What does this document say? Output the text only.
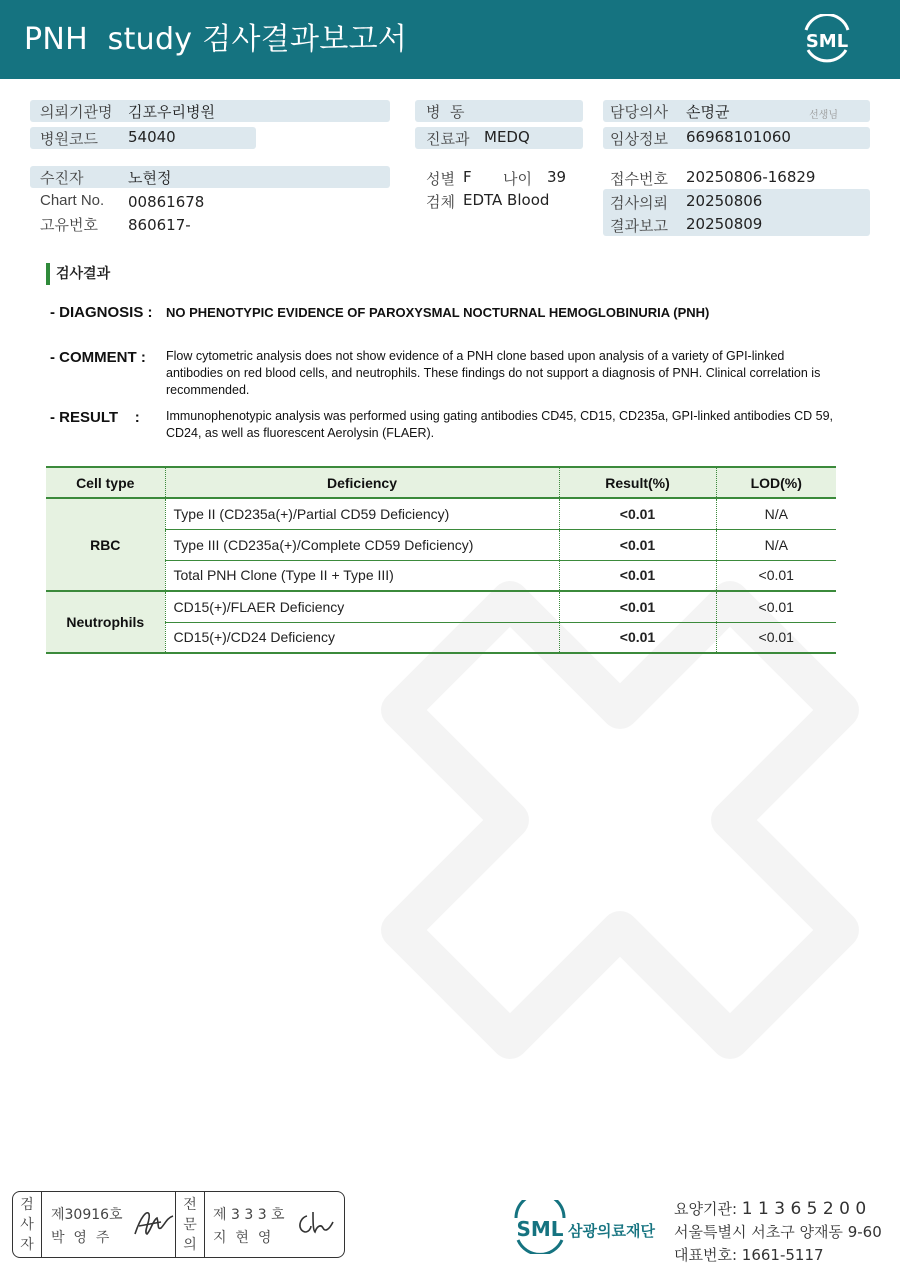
PNH  study 검사결과보고서	SML
의뢰기관명 김포우리병원
병원코드 54040
병  동
진료과 MEDQ
담당의사 손명균	선생님
임상정보 66968101060
수진자	노현정
Chart No. 00861678
고유번호 860617-
성별 F 나이 39
검체 EDTA Blood
접수번호 20250806-16829
검사의뢰 20250806
결과보고 20250809
검사결과
- DIAGNOSIS : NO PHENOTYPIC EVIDENCE OF PAROXYSMAL NOCTURNAL HEMOGLOBINURIA (PNH)
- COMMENT : Flow cytometric analysis does not show evidence of a PNH clone based upon analysis of a variety of GPI-linked antibodies on red blood cells, and neutrophils. These findings do not support a diagnosis of PNH. Clinical correlation is recommended.
- RESULT    : Immunophenotypic analysis was performed using gating antibodies CD45, CD15, CD235a, GPI-linked antibodies CD 59, CD24, as well as fluorescent Aerolysin (FLAER).
Cell type	Deficiency	Result(%)	LOD(%)
RBC	Type II (CD235a(+)/Partial CD59 Deficiency)	<0.01	N/A
	Type III (CD235a(+)/Complete CD59 Deficiency)	<0.01	N/A
	Total PNH Clone (Type II + Type III)	<0.01	<0.01
Neutrophils	CD15(+)/FLAER Deficiency	<0.01	<0.01
	CD15(+)/CD24 Deficiency	<0.01	<0.01
검사자
제30916호
박  영  주
전문의
제 3 3 3 호
지  현  영	SML 삼광의료재단
요양기관: 1 1 3 6 5 2 0 0
서울특별시 서초구 양재동 9-60
대표번호: 1661-5117
